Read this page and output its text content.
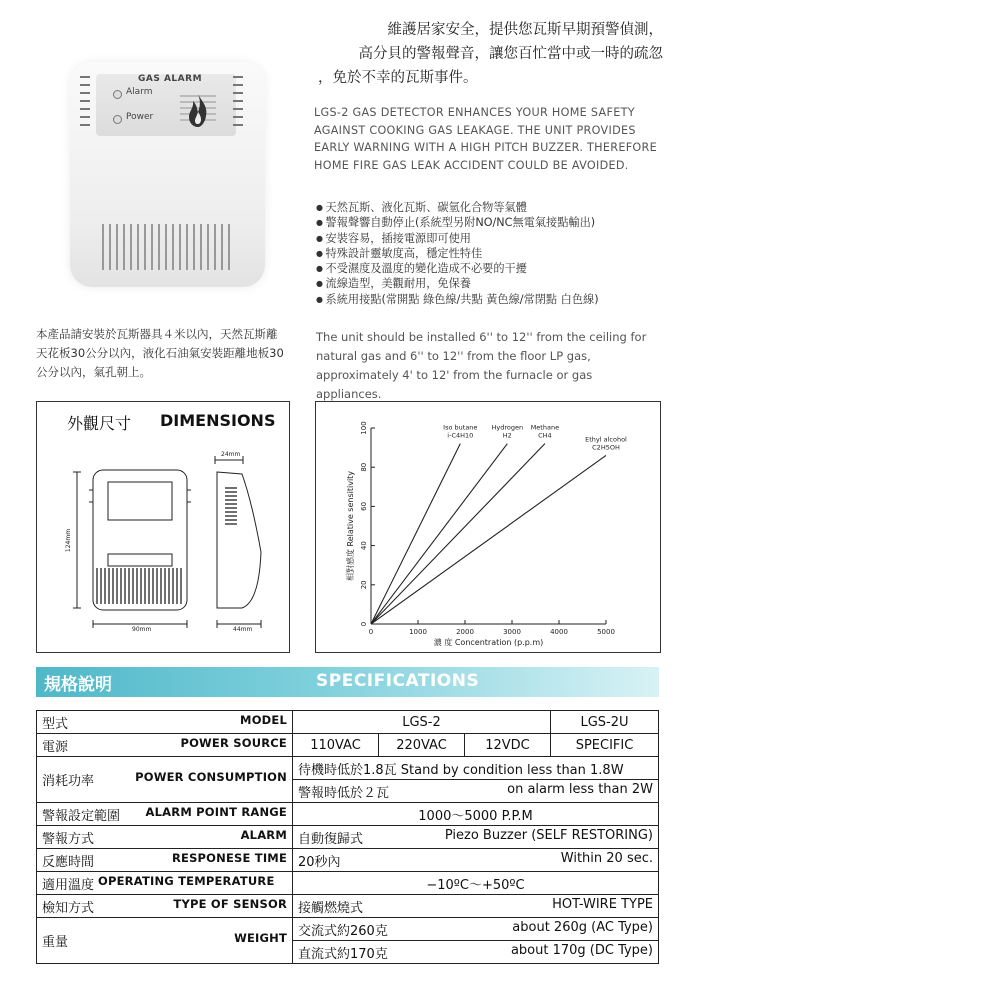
GAS ALARM
Alarm
Power
維護居家安全，提供您瓦斯早期預警偵測，
高分貝的警報聲音，讓您百忙當中或一時的疏忽
，免於不幸的瓦斯事件。
LGS-2 GAS DETECTOR ENHANCES YOUR HOME SAFETY AGAINST COOKING GAS LEAKAGE. THE UNIT PROVIDES EARLY WARNING WITH A HIGH PITCH BUZZER. THEREFORE HOME FIRE GAS LEAK ACCIDENT COULD BE AVOIDED.
● 天然瓦斯、液化瓦斯、碳氫化合物等氣體
● 警報聲響自動停止(系統型另附NO/NC無電氣接點輸出)
● 安裝容易，插接電源即可使用
● 特殊設計靈敏度高，穩定性特佳
● 不受濕度及溫度的變化造成不必要的干擾
● 流線造型，美觀耐用，免保養
● 系統用接點(常開點 綠色線/共點 黃色線/常閉點 白色線)
本產品請安裝於瓦斯器具４米以內，天然瓦斯離天花板30公分以內，液化石油氣安裝距離地板30公分以內，氣孔朝上。
The unit should be installed 6'' to 12'' from the ceiling for natural gas and 6'' to 12'' from the floor LP gas, approximately 4' to 12' from the furnacle or gas appliances.
外觀尺寸 DIMENSIONS
24mm
124mm
90mm	44mm	0	1000	2000	3000	4000	5000
0
20
40
60
80
100
濃 度 Concentration (p.p.m)
相對感度 Relative sensitivity
Iso butane
i-C4H10
Hydrogen
H2
Methane
CH4	Ethyl alcohol
C2H5OH
規格說明	SPECIFICATIONS
型式 MODEL	LGS-2			LGS-2U

電源 POWER SOURCE	110VAC	220VAC	12VDC	SPECIFIC

消耗功率 POWER CONSUMPTION	待機時低於1.8瓦 Stand by condition less than 1.8W			

	警報時低於２瓦 on alarm less than 2W			

警報設定範圍 ALARM POINT RANGE	1000～5000 P.P.M			

警報方式 ALARM	自動復歸式 Piezo Buzzer (SELF RESTORING)			

反應時間 RESPONESE TIME	20秒內 Within 20 sec.			

適用溫度 OPERATING TEMPERATURE	−10ºC～+50ºC			

檢知方式 TYPE OF SENSOR	接觸燃燒式 HOT-WIRE TYPE			

重量 WEIGHT	交流式約260克 about 260g (AC Type)			

	直流式約170克 about 170g (DC Type)			
